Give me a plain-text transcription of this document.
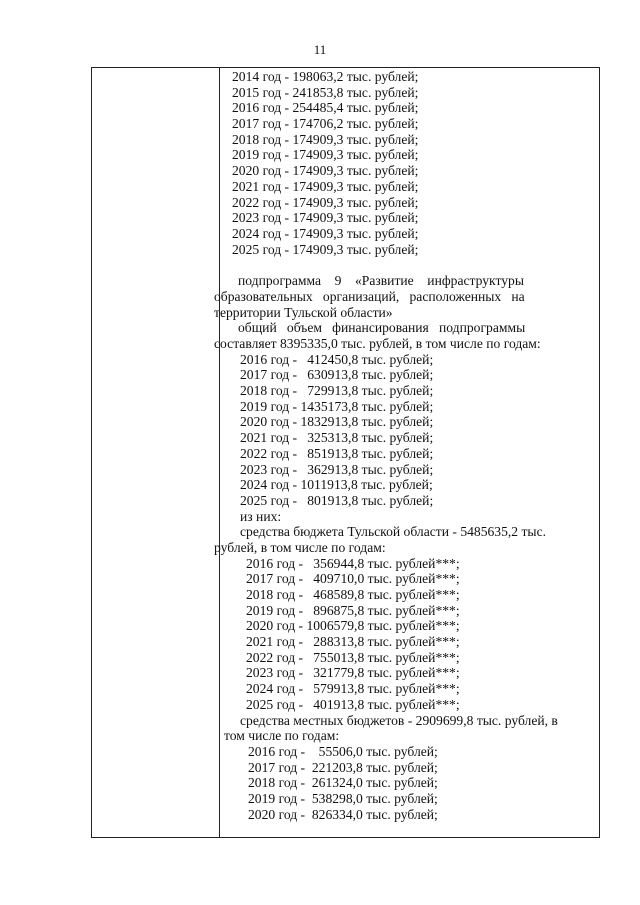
11
2014 год - 198063,2 тыс. рублей;
2015 год - 241853,8 тыс. рублей;
2016 год - 254485,4 тыс. рублей;
2017 год - 174706,2 тыс. рублей;
2018 год - 174909,3 тыс. рублей;
2019 год - 174909,3 тыс. рублей;
2020 год - 174909,3 тыс. рублей;
2021 год - 174909,3 тыс. рублей;
2022 год - 174909,3 тыс. рублей;
2023 год - 174909,3 тыс. рублей;
2024 год - 174909,3 тыс. рублей;
2025 год - 174909,3 тыс. рублей;
подпрограмма    9    «Развитие    инфраструктуры
образовательных   организаций,   расположенных   на
территории Тульской области»
общий   объем   финансирования   подпрограммы
составляет 8395335,0 тыс. рублей, в том числе по годам:
2016 год -   412450,8 тыс. рублей;
2017 год -   630913,8 тыс. рублей;
2018 год -   729913,8 тыс. рублей;
2019 год - 1435173,8 тыс. рублей;
2020 год - 1832913,8 тыс. рублей;
2021 год -   325313,8 тыс. рублей;
2022 год -   851913,8 тыс. рублей;
2023 год -   362913,8 тыс. рублей;
2024 год - 1011913,8 тыс. рублей;
2025 год -   801913,8 тыс. рублей;
из них:
средства бюджета Тульской области - 5485635,2 тыс.
рублей, в том числе по годам:
2016 год -   356944,8 тыс. рублей***;
2017 год -   409710,0 тыс. рублей***;
2018 год -   468589,8 тыс. рублей***;
2019 год -   896875,8 тыс. рублей***;
2020 год - 1006579,8 тыс. рублей***;
2021 год -   288313,8 тыс. рублей***;
2022 год -   755013,8 тыс. рублей***;
2023 год -   321779,8 тыс. рублей***;
2024 год -   579913,8 тыс. рублей***;
2025 год -   401913,8 тыс. рублей***;
средства местных бюджетов - 2909699,8 тыс. рублей, в
том числе по годам:
2016 год -    55506,0 тыс. рублей;
2017 год -  221203,8 тыс. рублей;
2018 год -  261324,0 тыс. рублей;
2019 год -  538298,0 тыс. рублей;
2020 год -  826334,0 тыс. рублей;
